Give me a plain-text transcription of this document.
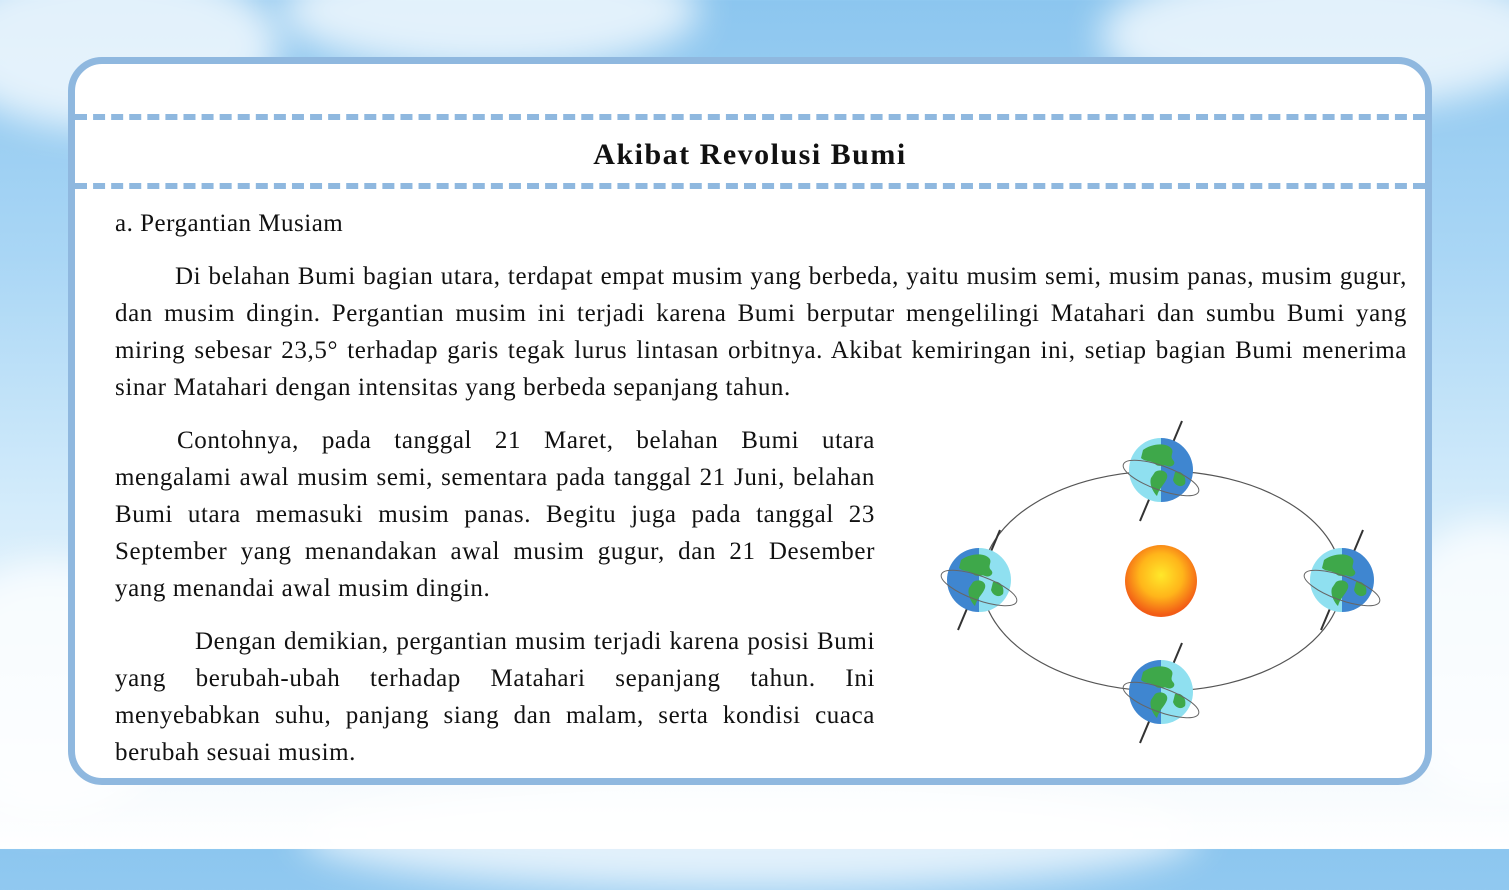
Akibat Revolusi Bumi
a. Pergantian Musiam

Di belahan Bumi bagian utara, terdapat empat musim yang berbeda, yaitu musim semi, musim panas, musim gugur, dan musim dingin. Pergantian musim ini terjadi karena Bumi berputar mengelilingi Matahari dan sumbu Bumi yang miring sebesar 23,5° terhadap garis tegak lurus lintasan orbitnya. Akibat kemiringan ini, setiap bagian Bumi menerima sinar Matahari dengan intensitas yang berbeda sepanjang tahun.

Contohnya, pada tanggal 21 Maret, belahan Bumi utara mengalami awal musim semi, sementara pada tanggal 21 Juni, belahan Bumi utara memasuki musim panas. Begitu juga pada tanggal 23 September yang menandakan awal musim gugur, dan 21 Desember yang menandai awal musim dingin.

Dengan demikian, pergantian musim terjadi karena posisi Bumi yang berubah-ubah terhadap Matahari sepanjang tahun. Ini menyebabkan suhu, panjang siang dan malam, serta kondisi cuaca berubah sesuai musim.
